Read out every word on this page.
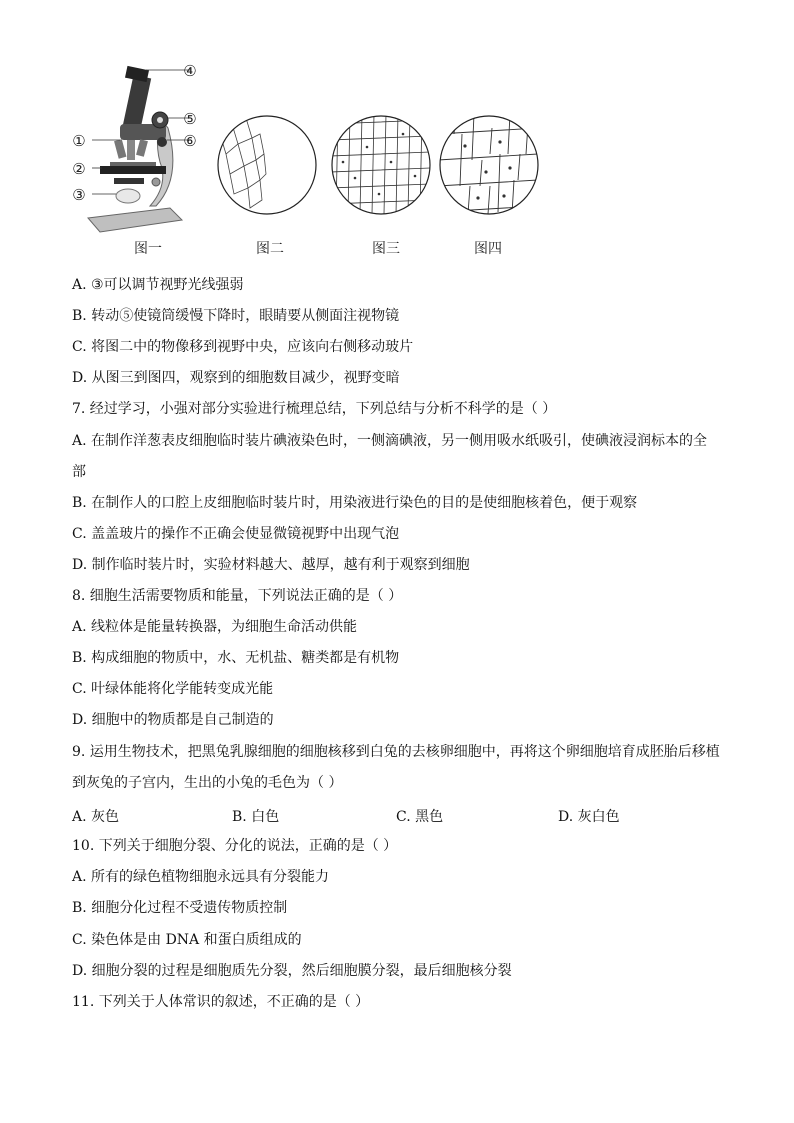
④
⑤
⑥
①
②
③
图一	图二	图三	图四
A. ③可以调节视野光线强弱
B. 转动⑤使镜筒缓慢下降时，眼睛要从侧面注视物镜
C. 将图二中的物像移到视野中央，应该向右侧移动玻片
D. 从图三到图四，观察到的细胞数目减少，视野变暗
7. 经过学习，小强对部分实验进行梳理总结，下列总结与分析不科学的是（ ）
A. 在制作洋葱表皮细胞临时装片碘液染色时，一侧滴碘液，另一侧用吸水纸吸引，使碘液浸润标本的全
部
B. 在制作人的口腔上皮细胞临时装片时，用染液进行染色的目的是使细胞核着色，便于观察
C. 盖盖玻片的操作不正确会使显微镜视野中出现气泡
D. 制作临时装片时，实验材料越大、越厚，越有利于观察到细胞
8. 细胞生活需要物质和能量，下列说法正确的是（ ）
A. 线粒体是能量转换器，为细胞生命活动供能
B. 构成细胞的物质中，水、无机盐、糖类都是有机物
C. 叶绿体能将化学能转变成光能
D. 细胞中的物质都是自己制造的
9. 运用生物技术，把黑兔乳腺细胞的细胞核移到白兔的去核卵细胞中，再将这个卵细胞培育成胚胎后移植
到灰兔的子宫内，生出的小兔的毛色为（ ）
A. 灰色	B. 白色	C. 黑色	D. 灰白色
10. 下列关于细胞分裂、分化的说法，正确的是（ ）
A. 所有的绿色植物细胞永远具有分裂能力
B. 细胞分化过程不受遗传物质控制
C. 染色体是由 DNA 和蛋白质组成的
D. 细胞分裂的过程是细胞质先分裂，然后细胞膜分裂，最后细胞核分裂
11. 下列关于人体常识的叙述，不正确的是（ ）
